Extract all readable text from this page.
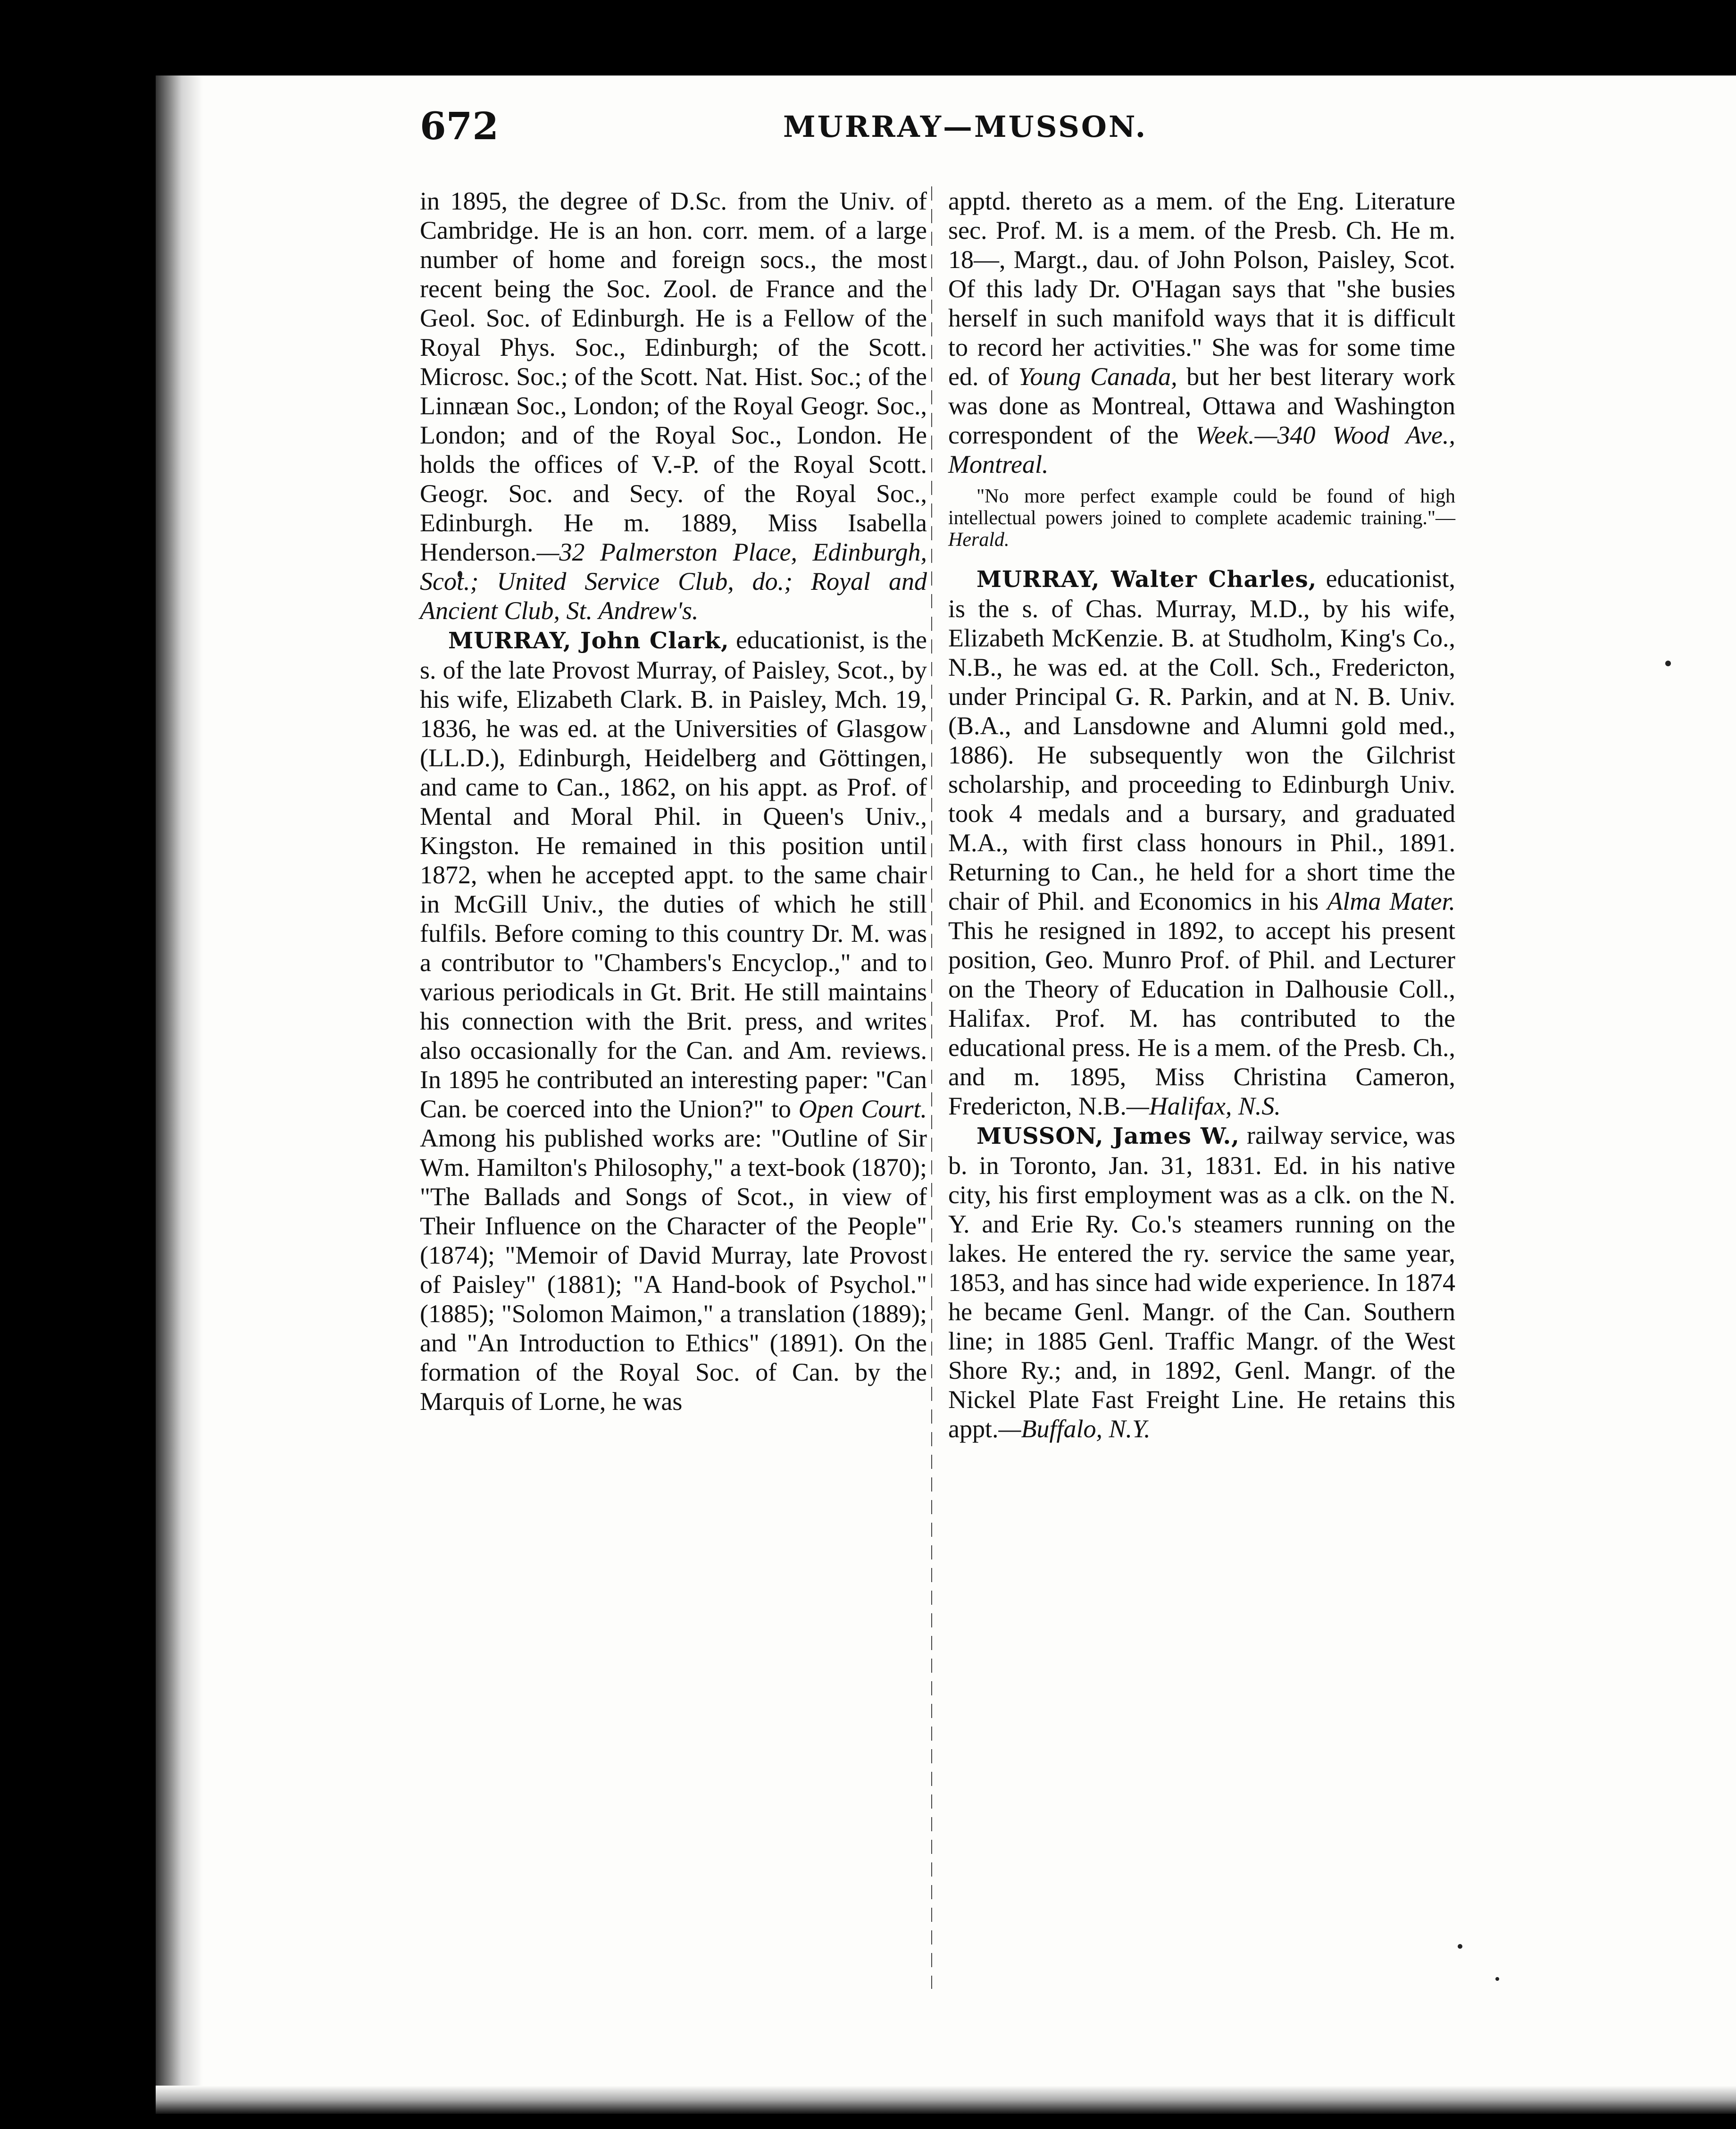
672	MURRAY—MUSSON.

in 1895, the degree of D.Sc. from the Univ. of Cambridge. He is an hon. corr. mem. of a large number of home and foreign socs., the most recent being the Soc. Zool. de France and the Geol. Soc. of Edinburgh. He is a Fellow of the Royal Phys. Soc., Edinburgh; of the Scott. Microsc. Soc.; of the Scott. Nat. Hist. Soc.; of the Linnæan Soc., London; of the Royal Geogr. Soc., London; and of the Royal Soc., London. He holds the offices of V.-P. of the Royal Scott. Geogr. Soc. and Secy. of the Royal Soc., Edinburgh. He m. 1889, Miss Isabella Henderson.—32 Palmerston Place, Edinburgh, Scot.; United Service Club, do.; Royal and Ancient Club, St. Andrew's.

MURRAY, John Clark, educationist, is the s. of the late Provost Murray, of Paisley, Scot., by his wife, Elizabeth Clark. B. in Paisley, Mch. 19, 1836, he was ed. at the Universities of Glasgow (LL.D.), Edinburgh, Heidelberg and Göttingen, and came to Can., 1862, on his appt. as Prof. of Mental and Moral Phil. in Queen's Univ., Kingston. He remained in this position until 1872, when he accepted appt. to the same chair in McGill Univ., the duties of which he still fulfils. Before coming to this country Dr. M. was a contributor to "Chambers's Encyclop.," and to various periodicals in Gt. Brit. He still maintains his connection with the Brit. press, and writes also occasionally for the Can. and Am. reviews. In 1895 he contributed an interesting paper: "Can Can. be coerced into the Union?" to Open Court. Among his published works are: "Outline of Sir Wm. Hamilton's Philosophy," a text-book (1870); "The Ballads and Songs of Scot., in view of Their Influence on the Character of the People" (1874); "Memoir of David Murray, late Provost of Paisley" (1881); "A Hand-book of Psychol." (1885); "Solomon Maimon," a translation (1889); and "An Introduction to Ethics" (1891). On the formation of the Royal Soc. of Can. by the Marquis of Lorne, he was

apptd. thereto as a mem. of the Eng. Literature sec. Prof. M. is a mem. of the Presb. Ch. He m. 18—, Margt., dau. of John Polson, Paisley, Scot. Of this lady Dr. O'Hagan says that "she busies herself in such manifold ways that it is difficult to record her activities." She was for some time ed. of Young Canada, but her best literary work was done as Montreal, Ottawa and Washington correspondent of the Week.—340 Wood Ave., Montreal.

"No more perfect example could be found of high intellectual powers joined to complete academic training."—Herald.

MURRAY, Walter Charles, educationist, is the s. of Chas. Murray, M.D., by his wife, Elizabeth McKenzie. B. at Studholm, King's Co., N.B., he was ed. at the Coll. Sch., Fredericton, under Principal G. R. Parkin, and at N. B. Univ. (B.A., and Lansdowne and Alumni gold med., 1886). He subsequently won the Gilchrist scholarship, and proceeding to Edinburgh Univ. took 4 medals and a bursary, and graduated M.A., with first class honours in Phil., 1891. Returning to Can., he held for a short time the chair of Phil. and Economics in his Alma Mater. This he resigned in 1892, to accept his present position, Geo. Munro Prof. of Phil. and Lecturer on the Theory of Education in Dalhousie Coll., Halifax. Prof. M. has contributed to the educational press. He is a mem. of the Presb. Ch., and m. 1895, Miss Christina Cameron, Fredericton, N.B.—Halifax, N.S.

MUSSON, James W., railway service, was b. in Toronto, Jan. 31, 1831. Ed. in his native city, his first employment was as a clk. on the N. Y. and Erie Ry. Co.'s steamers running on the lakes. He entered the ry. service the same year, 1853, and has since had wide experience. In 1874 he became Genl. Mangr. of the Can. Southern line; in 1885 Genl. Traffic Mangr. of the West Shore Ry.; and, in 1892, Genl. Mangr. of the Nickel Plate Fast Freight Line. He retains this appt.—Buffalo, N.Y.
